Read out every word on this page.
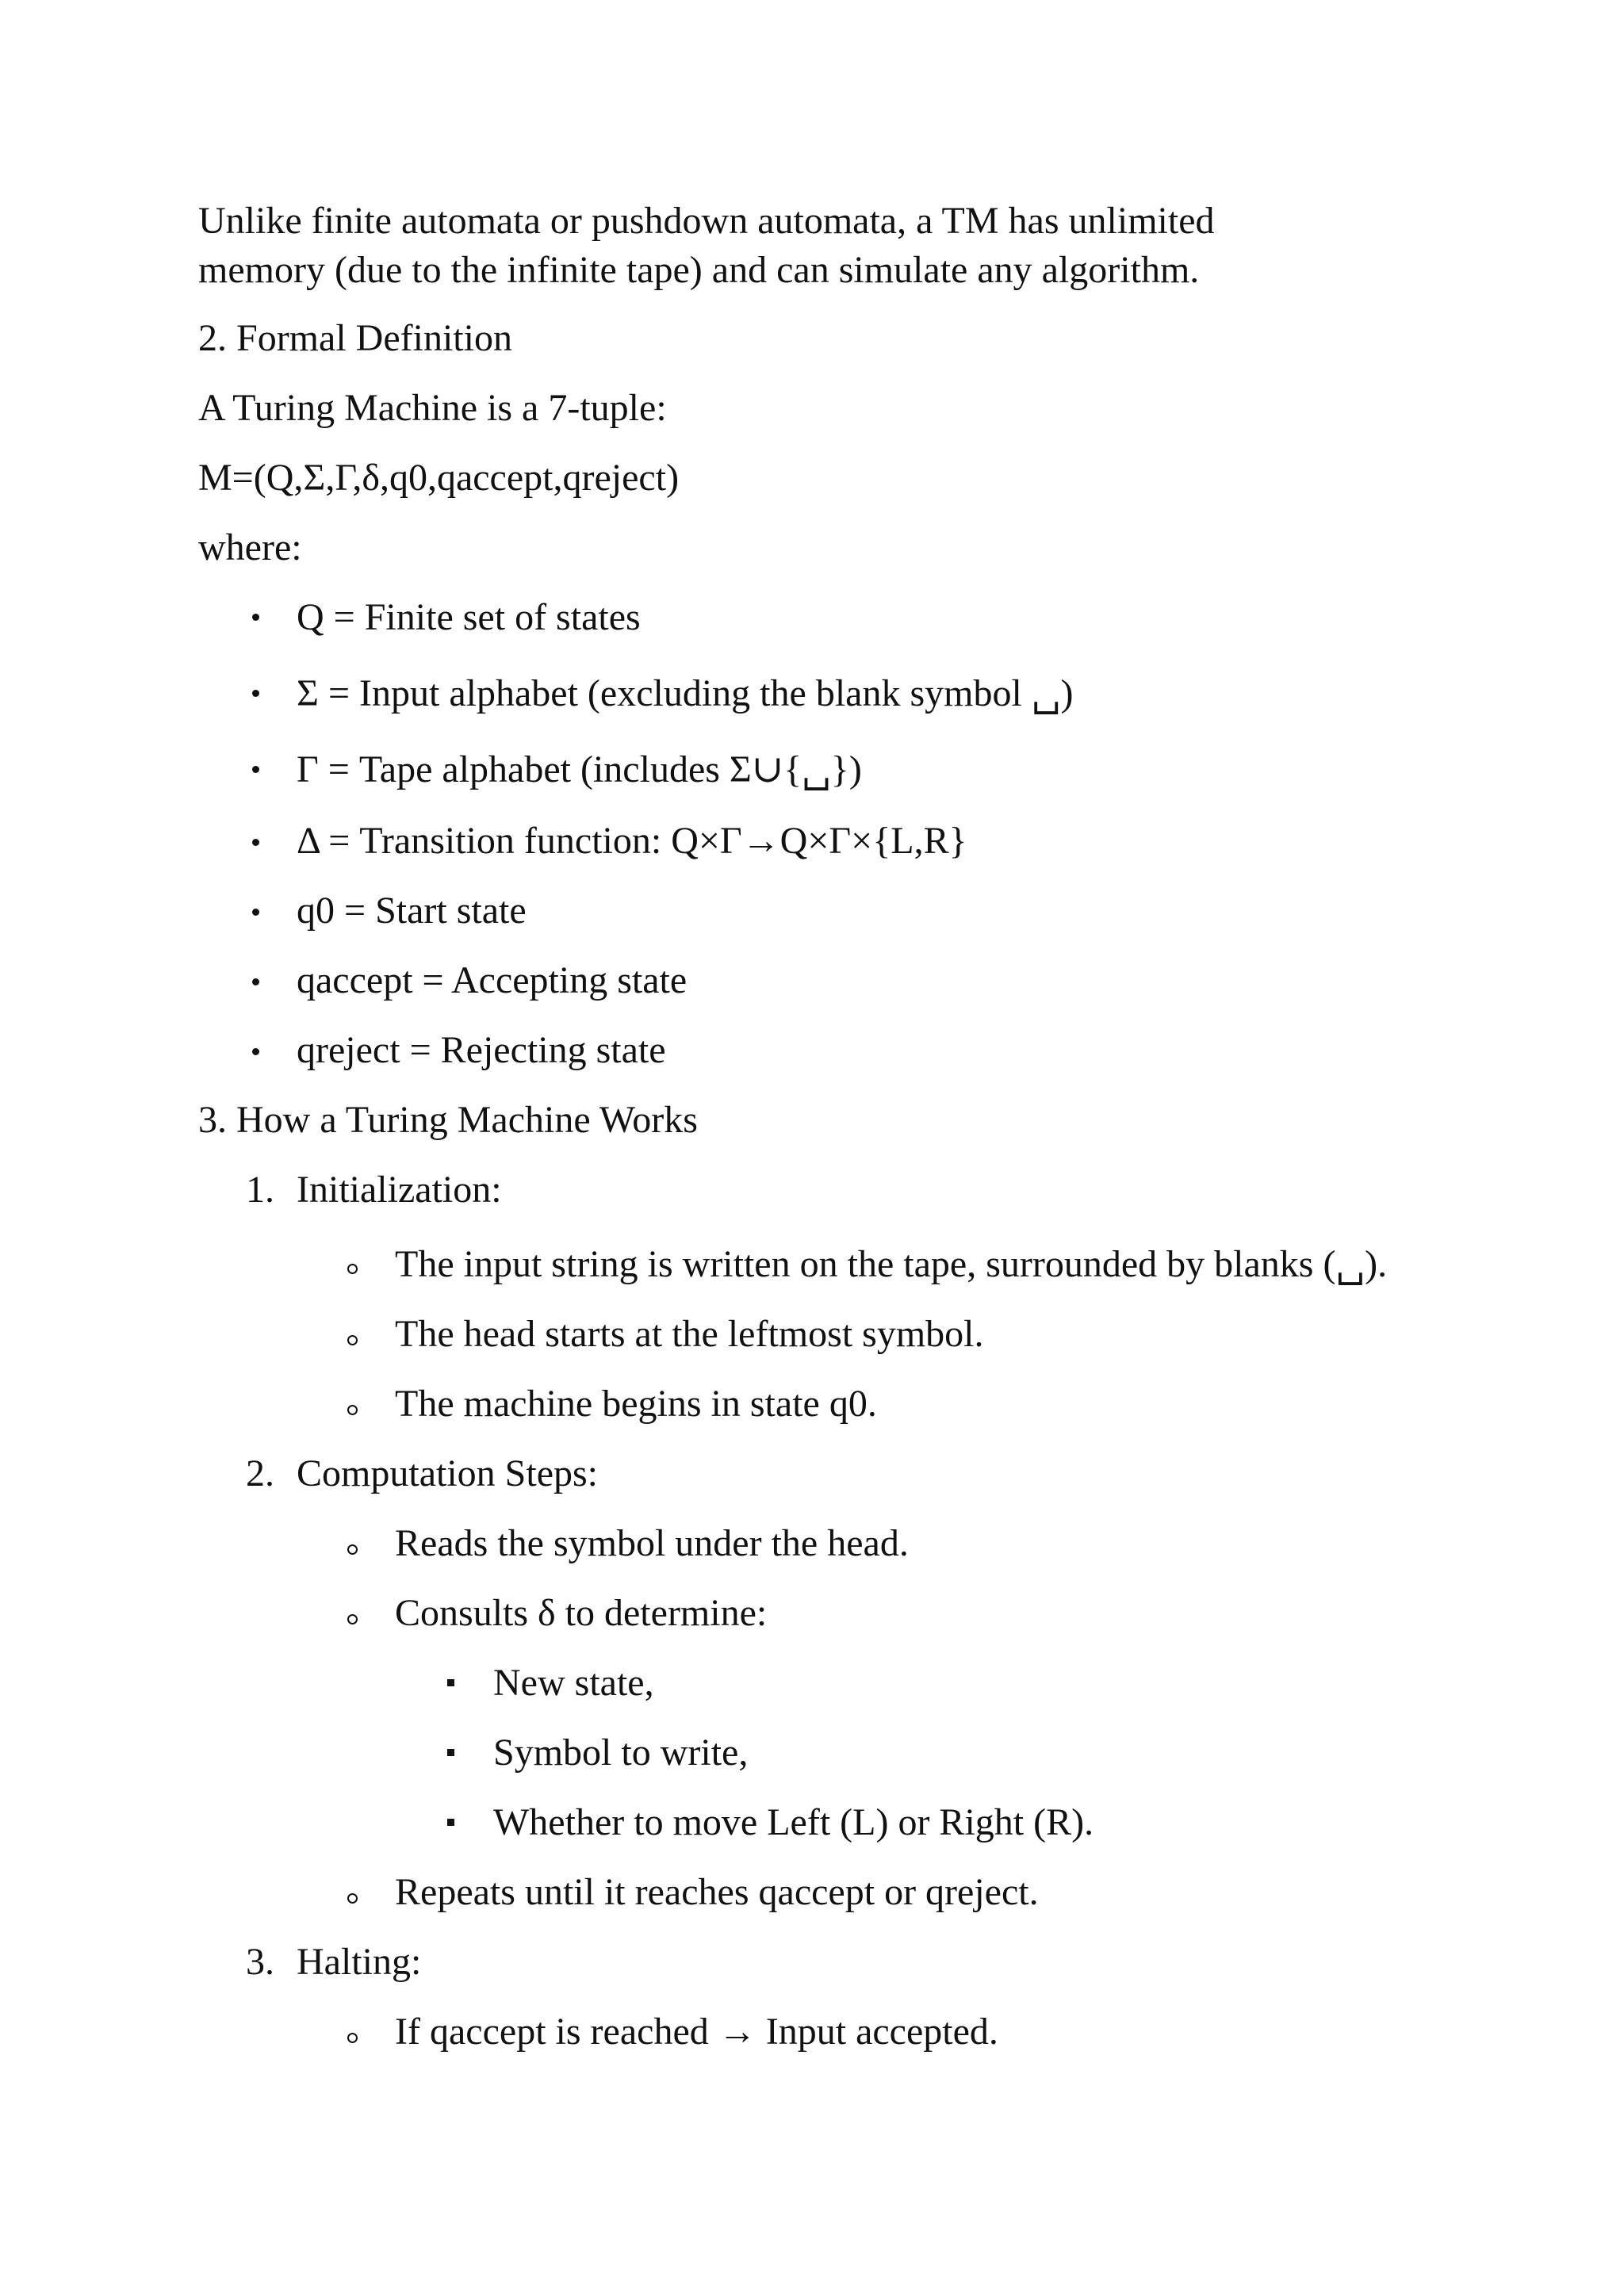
Unlike finite automata or pushdown automata, a TM has unlimited
memory (due to the infinite tape) and can simulate any algorithm.
2. Formal Definition
A Turing Machine is a 7-tuple:
M=(Q,Σ,Γ,δ,q0,qaccept,qreject)
where:
Q = Finite set of states
Σ = Input alphabet (excluding the blank symbol ␣)
Γ = Tape alphabet (includes Σ∪{␣})
Δ = Transition function: Q×Γ→Q×Γ×{L,R}
q0 = Start state
qaccept = Accepting state
qreject = Rejecting state
3. How a Turing Machine Works
1. Initialization:
The input string is written on the tape, surrounded by blanks (␣).
The head starts at the leftmost symbol.
The machine begins in state q0.
2. Computation Steps:
Reads the symbol under the head.
Consults δ to determine:
New state,
Symbol to write,
Whether to move Left (L) or Right (R).
Repeats until it reaches qaccept or qreject.
3. Halting:
If qaccept is reached → Input accepted.
